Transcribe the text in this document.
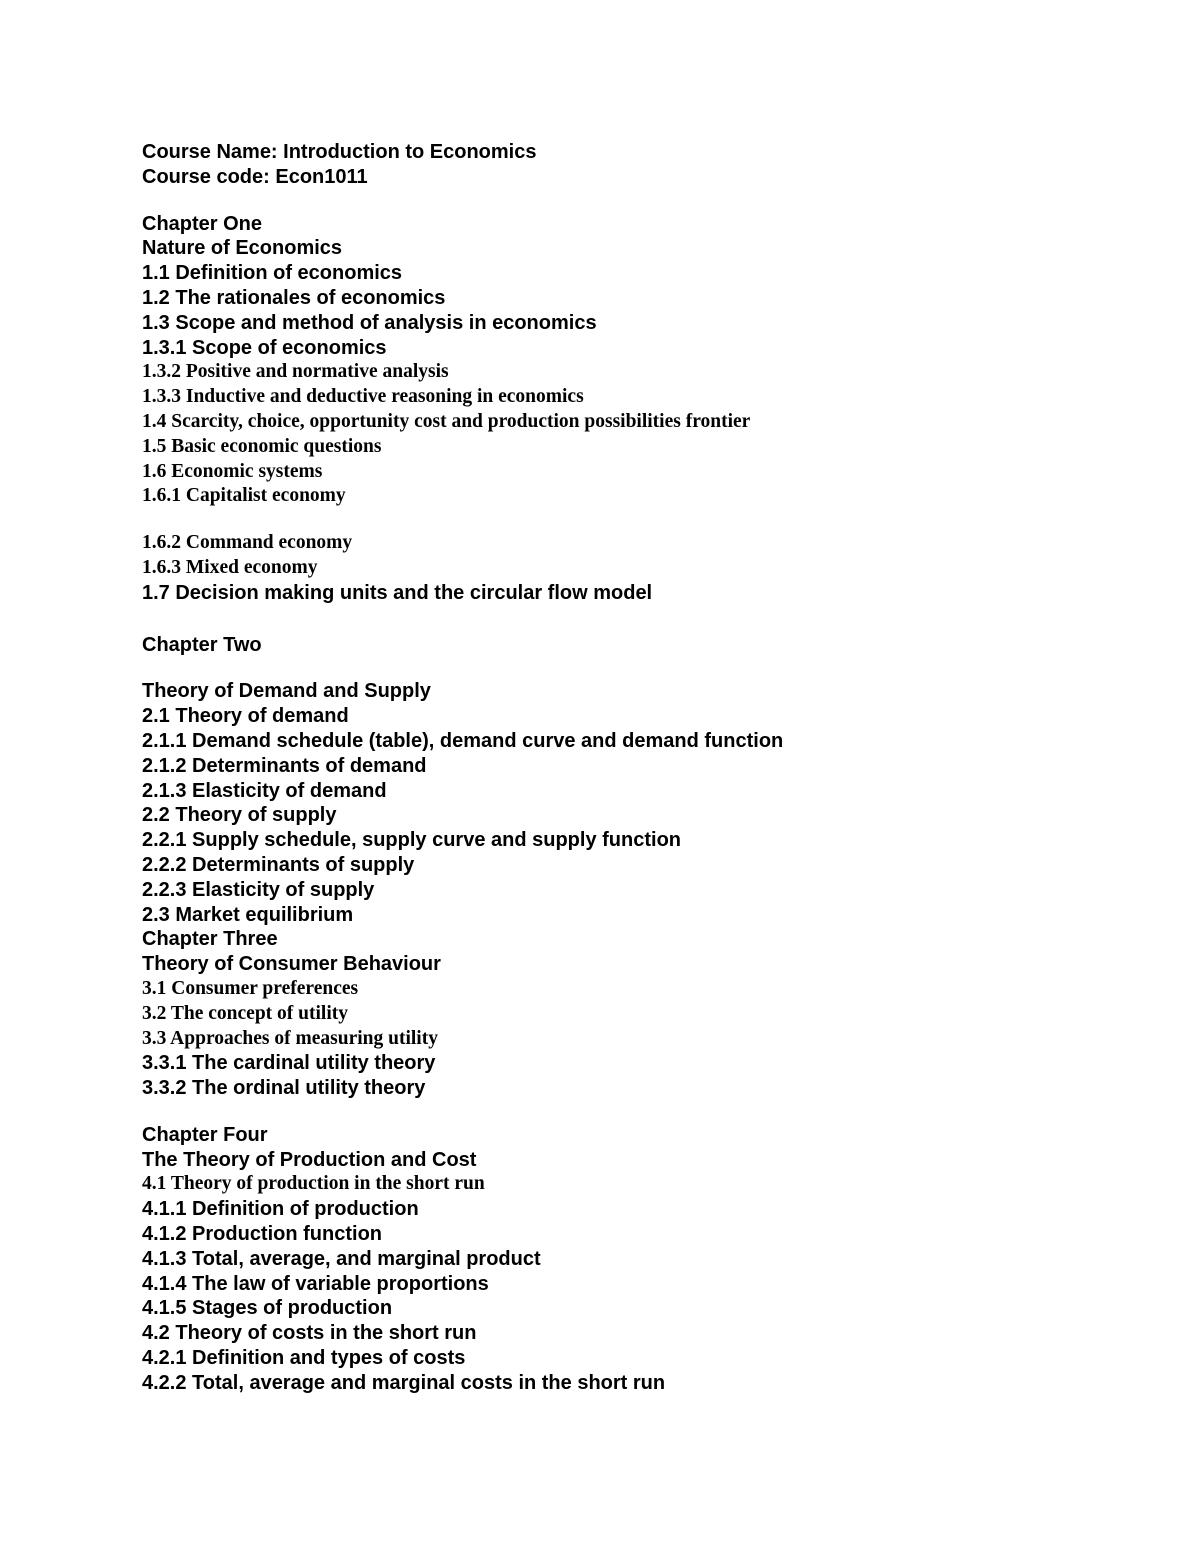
Course Name: Introduction to Economics
Course code: Econ1011
Chapter One
Nature of Economics
1.1 Definition of economics
1.2 The rationales of economics
1.3 Scope and method of analysis in economics
1.3.1 Scope of economics
1.3.2 Positive and normative analysis
1.3.3 Inductive and deductive reasoning in economics
1.4 Scarcity, choice, opportunity cost and production possibilities frontier
1.5 Basic economic questions
1.6 Economic systems
1.6.1 Capitalist economy
1.6.2 Command economy
1.6.3 Mixed economy
1.7 Decision making units and the circular flow model
Chapter Two
Theory of Demand and Supply
2.1 Theory of demand
2.1.1 Demand schedule (table), demand curve and demand function
2.1.2 Determinants of demand
2.1.3 Elasticity of demand
2.2 Theory of supply
2.2.1 Supply schedule, supply curve and supply function
2.2.2 Determinants of supply
2.2.3 Elasticity of supply
2.3 Market equilibrium
Chapter Three
Theory of Consumer Behaviour
3.1 Consumer preferences
3.2 The concept of utility
3.3 Approaches of measuring utility
3.3.1 The cardinal utility theory
3.3.2 The ordinal utility theory
Chapter Four
The Theory of Production and Cost
4.1 Theory of production in the short run
4.1.1 Definition of production
4.1.2 Production function
4.1.3 Total, average, and marginal product
4.1.4 The law of variable proportions
4.1.5 Stages of production
4.2 Theory of costs in the short run
4.2.1 Definition and types of costs
4.2.2 Total, average and marginal costs in the short run
